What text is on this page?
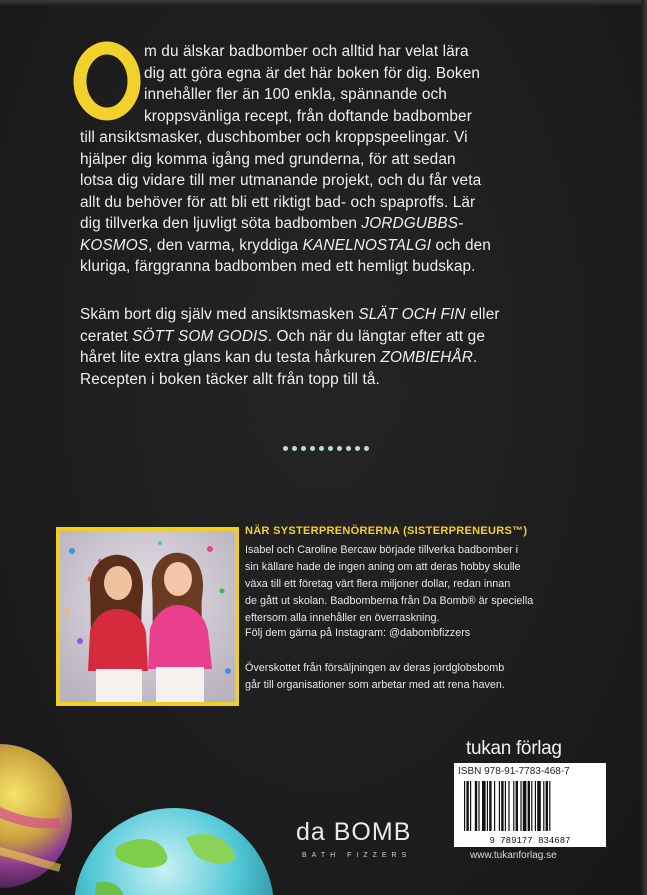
m du älskar badbomber och alltid har velat lära
dig att göra egna är det här boken för dig. Boken
innehåller fler än 100 enkla, spännande och
kroppsvänliga recept, från doftande badbomber
till ansiktsmasker, duschbomber och kroppspeelingar. Vi
hjälper dig komma igång med grunderna, för att sedan
lotsa dig vidare till mer utmanande projekt, och du får veta
allt du behöver för att bli ett riktigt bad- och spaproffs. Lär
dig tillverka den ljuvligt söta badbomben JORDGUBBS-
KOSMOS, den varma, kryddiga KANELNOSTALGI och den
kluriga, färggranna badbomben med ett hemligt budskap.

Skäm bort dig själv med ansiktsmasken SLÄT OCH FIN eller
ceratet SÖTT SOM GODIS. Och när du längtar efter att ge
håret lite extra glans kan du testa hårkuren ZOMBIEHÅR.
Recepten i boken täcker allt från topp till tå.

NÄR SYSTERPRENÖRERNA (SISTERPRENEURS™)

Isabel och Caroline Bercaw började tillverka badbomber i
sin källare hade de ingen aning om att deras hobby skulle
växa till ett företag värt flera miljoner dollar, redan innan
de gått ut skolan. Badbomberna från Da Bomb® är speciella
eftersom alla innehåller en överraskning.

Följ dem gärna på Instagram: @dabombfizzers

Överskottet från försäljningen av deras jordglobsbomb
går till organisationer som arbetar med att rena haven.

da BOMB

BATH FIZZERS

tukan förlag

ISBN 978-91-7783-468-7

9 789177 834687

www.tukanforlag.se
